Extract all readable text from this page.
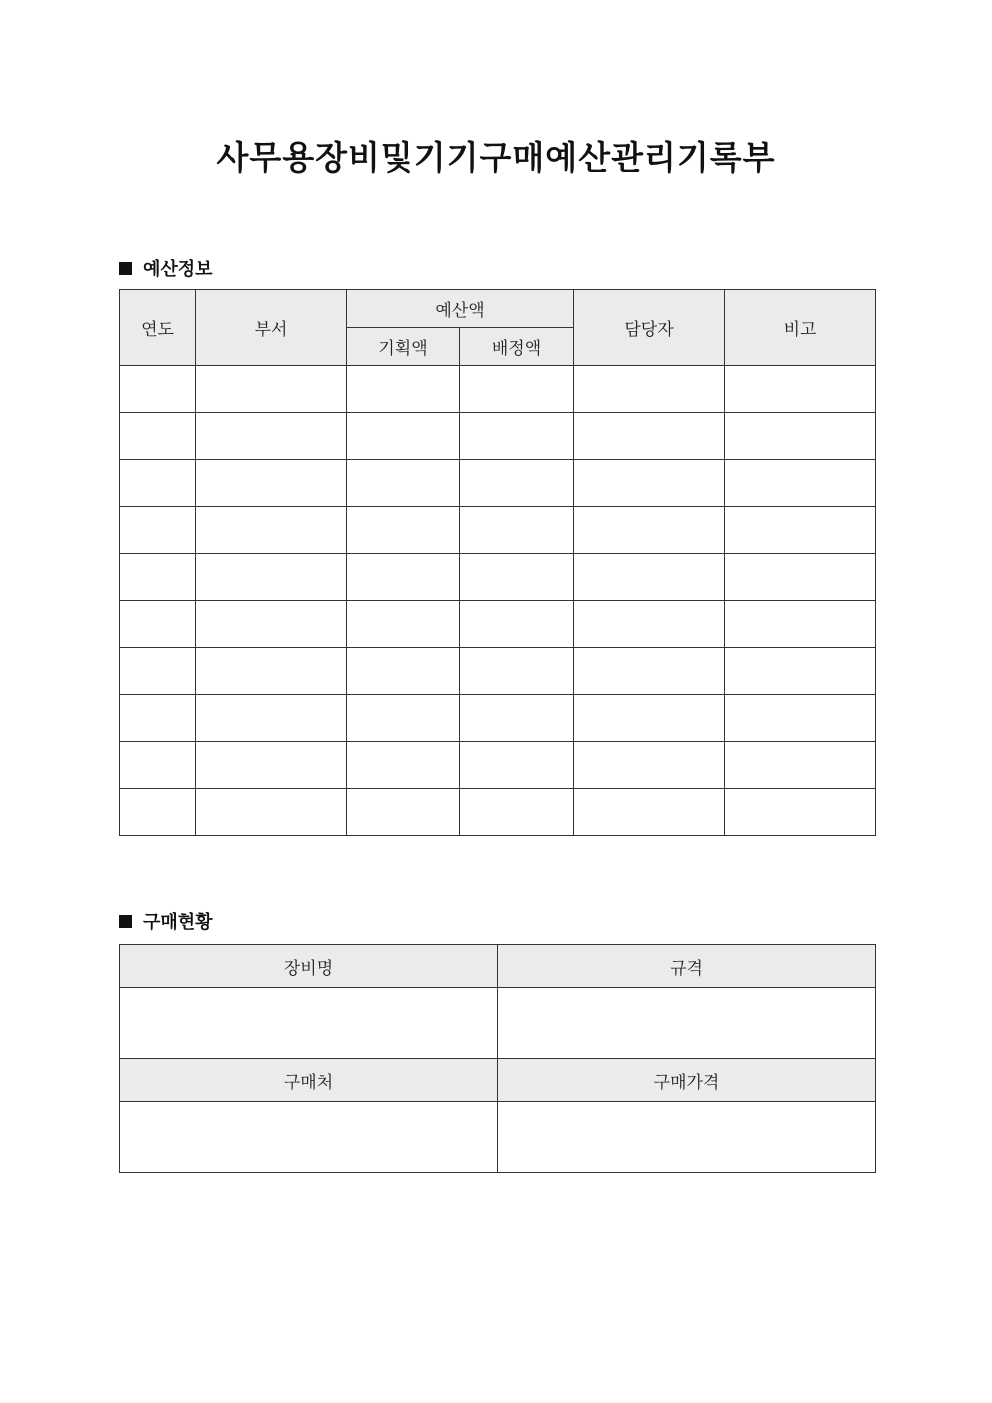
사무용장비및기기구매예산관리기록부
예산정보
연도	부서	예산액		담당자	비고
		기획액	배정액		

구매현황
장비명	규격

구매처	구매가격
